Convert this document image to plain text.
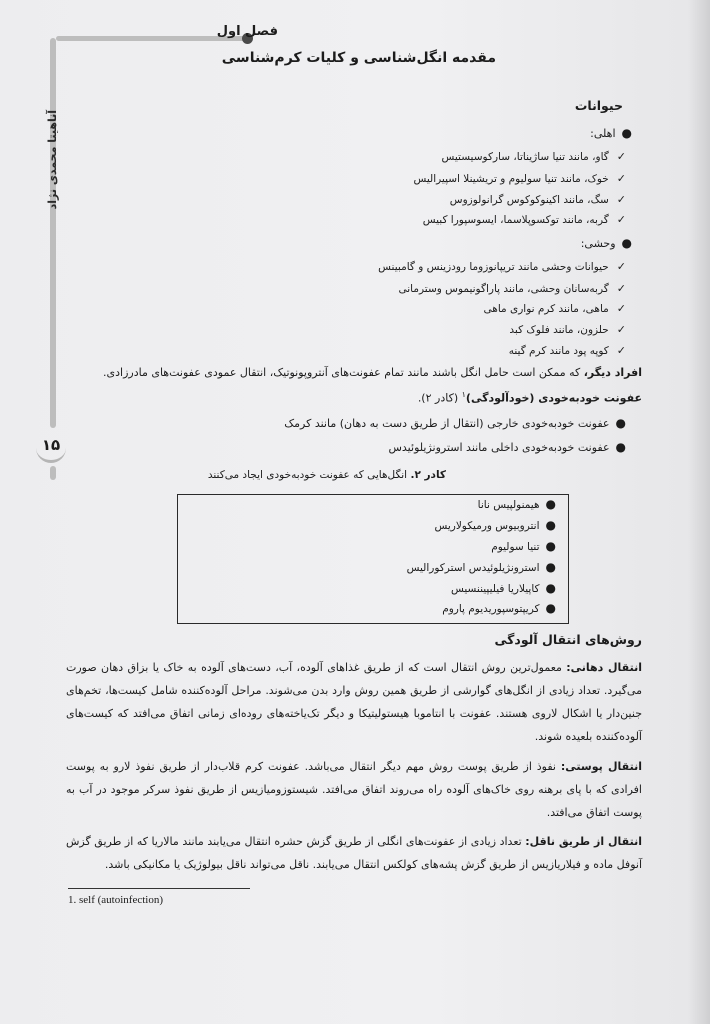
آناهیتا محمدی نژاد
۱۵
فصل اول
مقدمه انگل‌شناسی و کلیات کرم‌شناسی
حیوانات
●اهلی:
✓گاو، مانند تنیا ساژیناتا، سارکوسیستیس
✓خوک، مانند تنیا سولیوم و تریشینلا اسپیرالیس
✓سگ، مانند اکینوکوکوس گرانولوزوس
✓گربه، مانند توکسوپلاسما، ایسوسپورا کبیس
●وحشی:
✓حیوانات وحشی مانند تریپانوزوما رودزینس و گامبینس
✓گربه‌سانان وحشی، مانند پاراگونیموس وسترمانی
✓ماهی، مانند کرم نواری ماهی
✓حلزون، مانند فلوک کبد
✓کوپه پود مانند کرم گینه
افراد دیگر، که ممکن است حامل انگل باشند مانند تمام عفونت‌های آنتروپونوتیک، انتقال عمودی عفونت‌های مادرزادی.
عفونت خودبه‌خودی (خودآلودگی)$^۱$ (کادر ۲).
●عفونت خودبه‌خودی خارجی (انتقال از طریق دست به دهان) مانند کرمک
●عفونت خودبه‌خودی داخلی مانند استرونژیلوئیدس
کادر ۲. انگل‌هایی که عفونت خودبه‌خودی ایجاد می‌کنند
●هیمنولپیس نانا
●انتروبیوس ورمیکولاریس
●تنیا سولیوم
●استرونژیلوئیدس استرکورالیس
●کاپیلاریا فیلیپیننسیس
●کریپتوسپوریدیوم پاروم
روش‌های انتقال آلودگی
انتقال دهانی: معمول‌ترین روش انتقال است که از طریق غذاهای آلوده، آب، دست‌های آلوده به خاک یا بزاق دهان صورت می‌گیرد. تعداد زیادی از انگل‌های گوارشی از طریق همین روش وارد بدن می‌شوند. مراحل آلوده‌کننده شامل کیست‌ها، تخم‌های جنین‌دار یا اشکال لاروی هستند. عفونت با انتاموبا هیستولیتیکا و دیگر تک‌یاخته‌های روده‌ای زمانی اتفاق می‌افتد که کیست‌های آلوده‌کننده بلعیده شوند.
انتقال پوستی: نفوذ از طریق پوست روش مهم دیگر انتقال می‌باشد. عفونت کرم قلاب‌دار از طریق نفوذ لارو به پوست افرادی که با پای برهنه روی خاک‌های آلوده راه می‌روند اتفاق می‌افتد. شیستوزومیازیس از طریق نفوذ سرکر موجود در آب به پوست اتفاق می‌افتد.
انتقال از طریق ناقل: تعداد زیادی از عفونت‌های انگلی از طریق گزش حشره انتقال می‌یابند مانند مالاریا که از طریق گزش آنوفل ماده و فیلاریازیس از طریق گزش پشه‌های کولکس انتقال می‌یابند. ناقل می‌تواند ناقل بیولوژیک یا مکانیکی باشد.
1. self (autoinfection)
